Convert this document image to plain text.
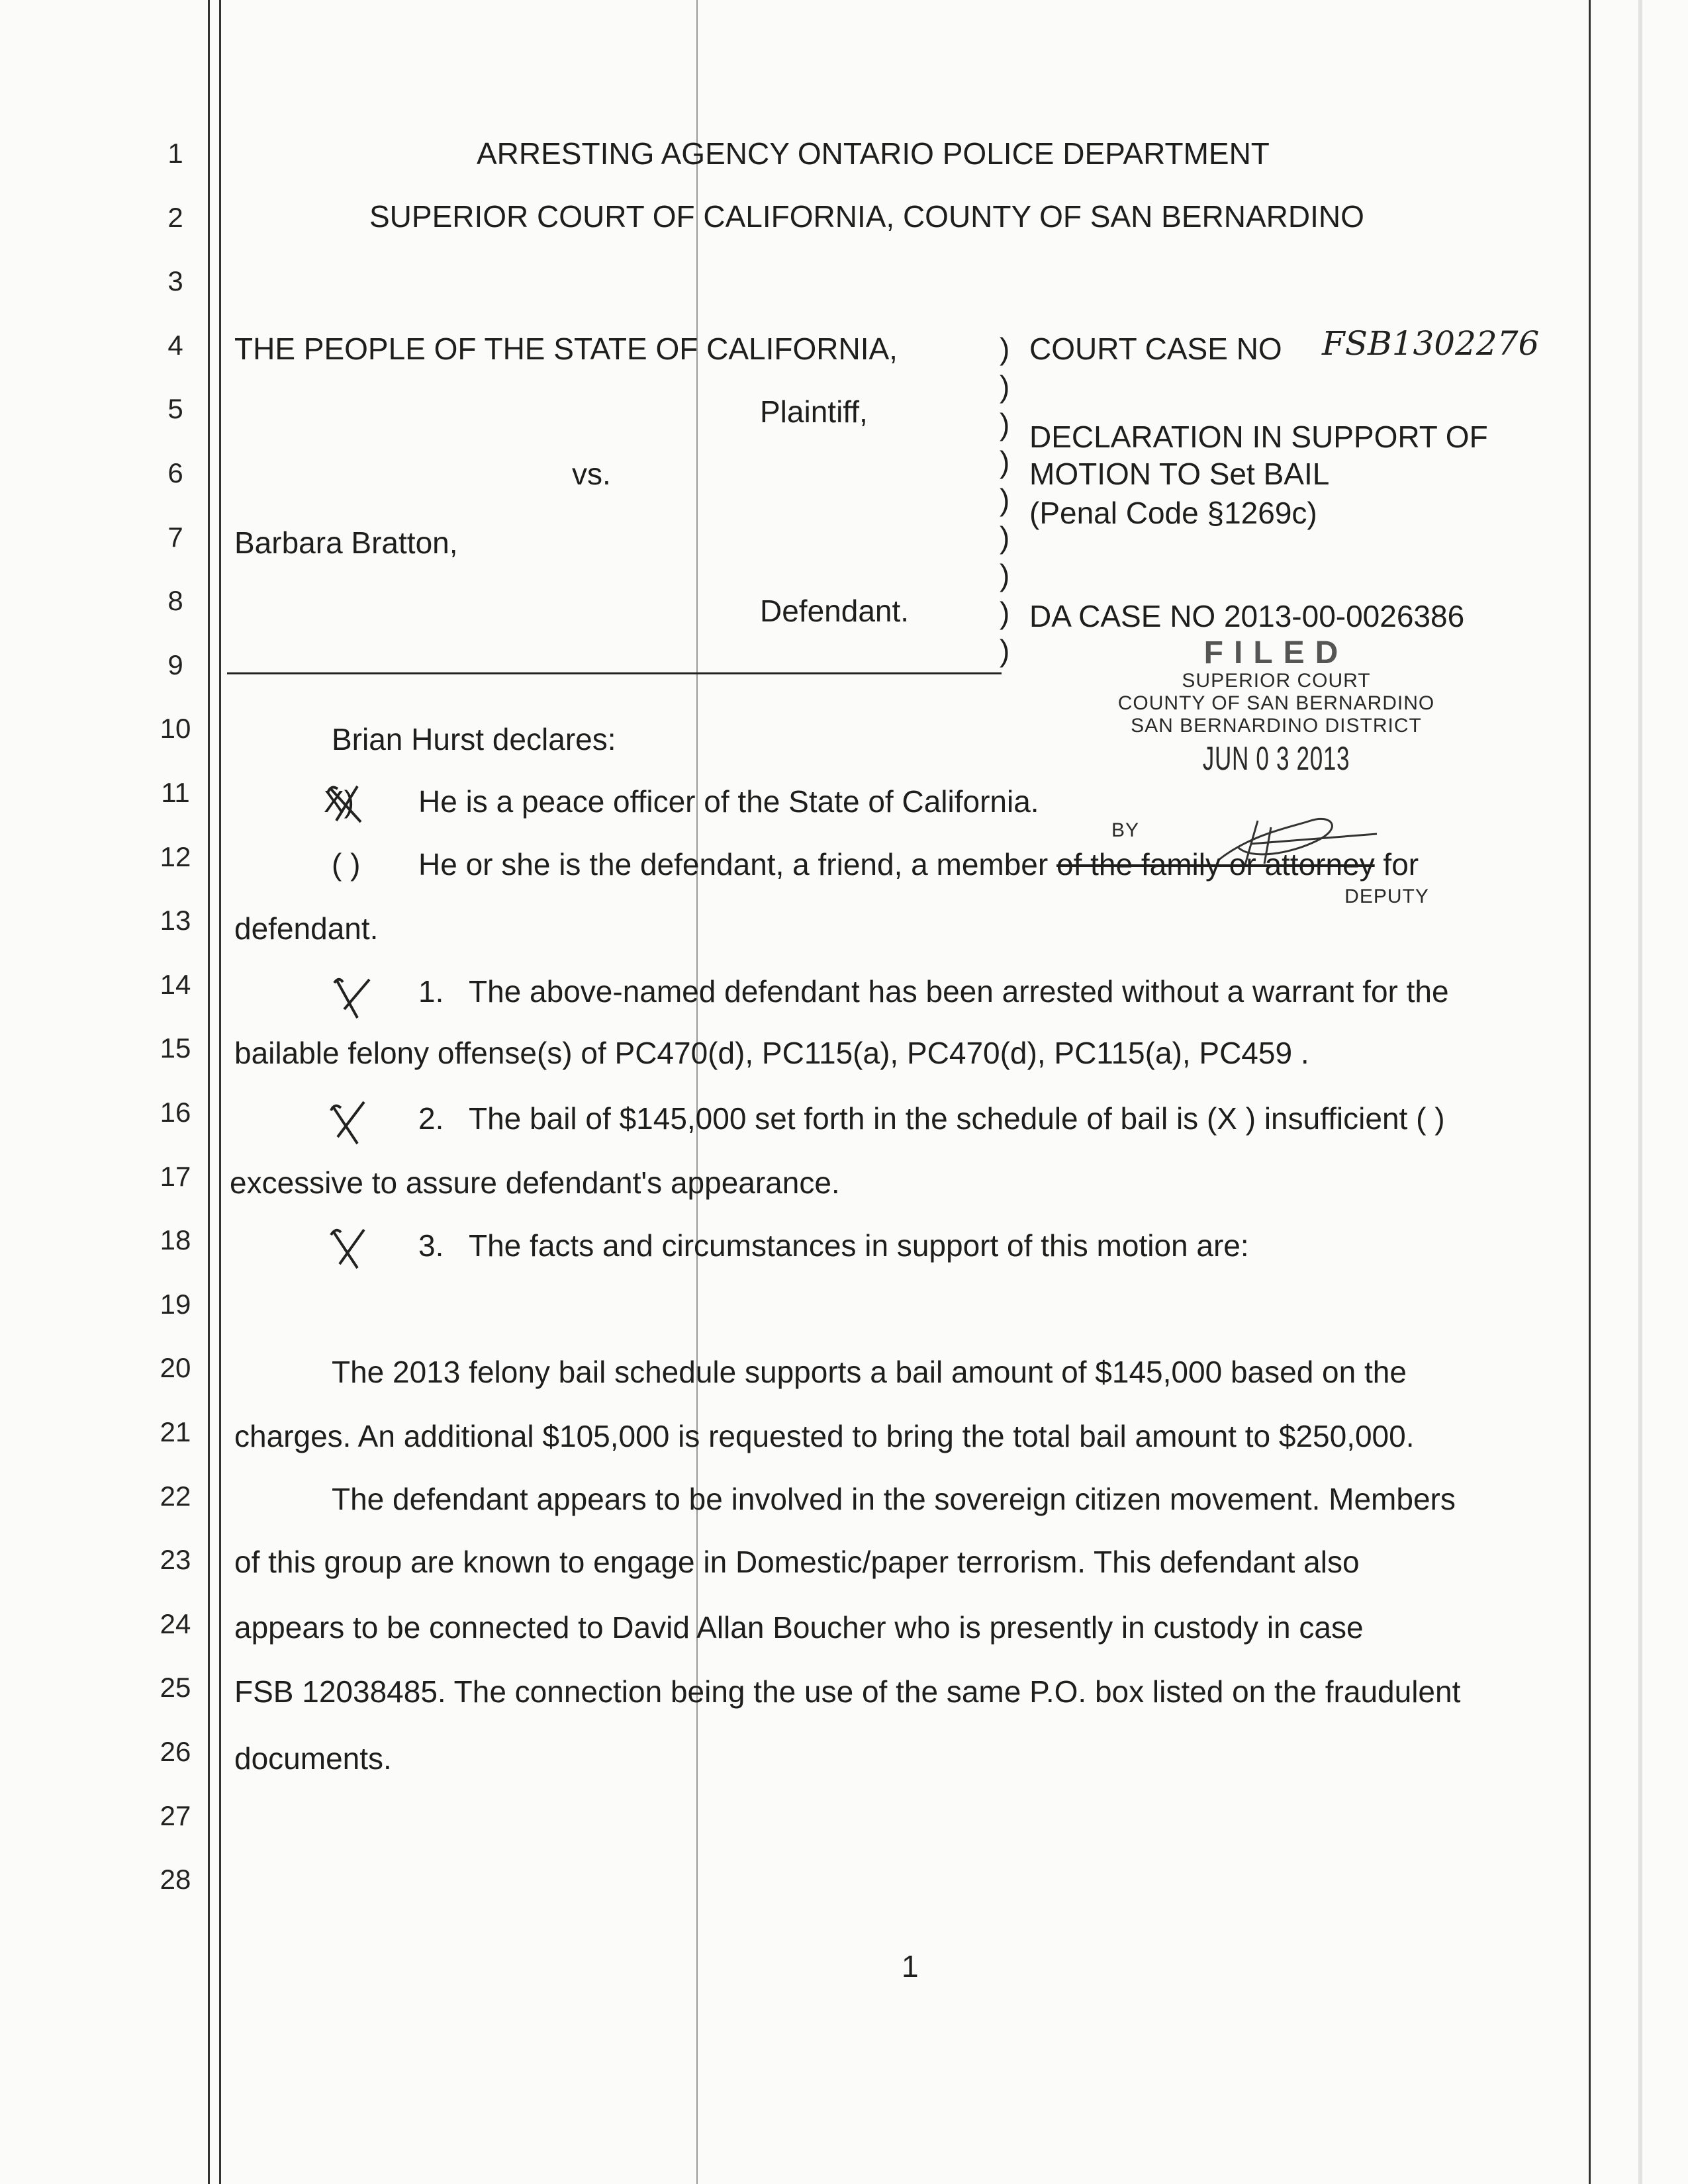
1
2
3
4
5
6
7
8
9
10
11
12
13
14
15
16
17
18
19
20
21
22
23
24
25
26
27
28
ARRESTING AGENCY ONTARIO POLICE DEPARTMENT
SUPERIOR COURT OF CALIFORNIA, COUNTY OF SAN BERNARDINO
THE PEOPLE OF THE STATE OF CALIFORNIA,
Plaintiff,
vs.
Barbara Bratton,
Defendant.
)
)
)
)
)
)
)
)
)
COURT CASE NO FSB1302276
DECLARATION IN SUPPORT OF
MOTION TO Set BAIL
(Penal Code §1269c)
DA CASE NO 2013-00-0026386
FILED
SUPERIOR COURT
COUNTY OF SAN BERNARDINO
SAN BERNARDINO DISTRICT
JUN 0 3 2013
BY
DEPUTY
Brian Hurst declares:
X) He is a peace officer of the State of California.
( ) He or she is the defendant, a friend, a member of the family or attorney for
defendant.
1. The above-named defendant has been arrested without a warrant for the
bailable felony offense(s) of PC470(d), PC115(a), PC470(d), PC115(a), PC459 .
2. The bail of $145,000 set forth in the schedule of bail is (X ) insufficient ( )
excessive to assure defendant's appearance.
3. The facts and circumstances in support of this motion are:
The 2013 felony bail schedule supports a bail amount of $145,000 based on the
charges. An additional $105,000 is requested to bring the total bail amount to $250,000.
The defendant appears to be involved in the sovereign citizen movement. Members
of this group are known to engage in Domestic/paper terrorism. This defendant also
appears to be connected to David Allan Boucher who is presently in custody in case
FSB 12038485. The connection being the use of the same P.O. box listed on the fraudulent
documents.
1
